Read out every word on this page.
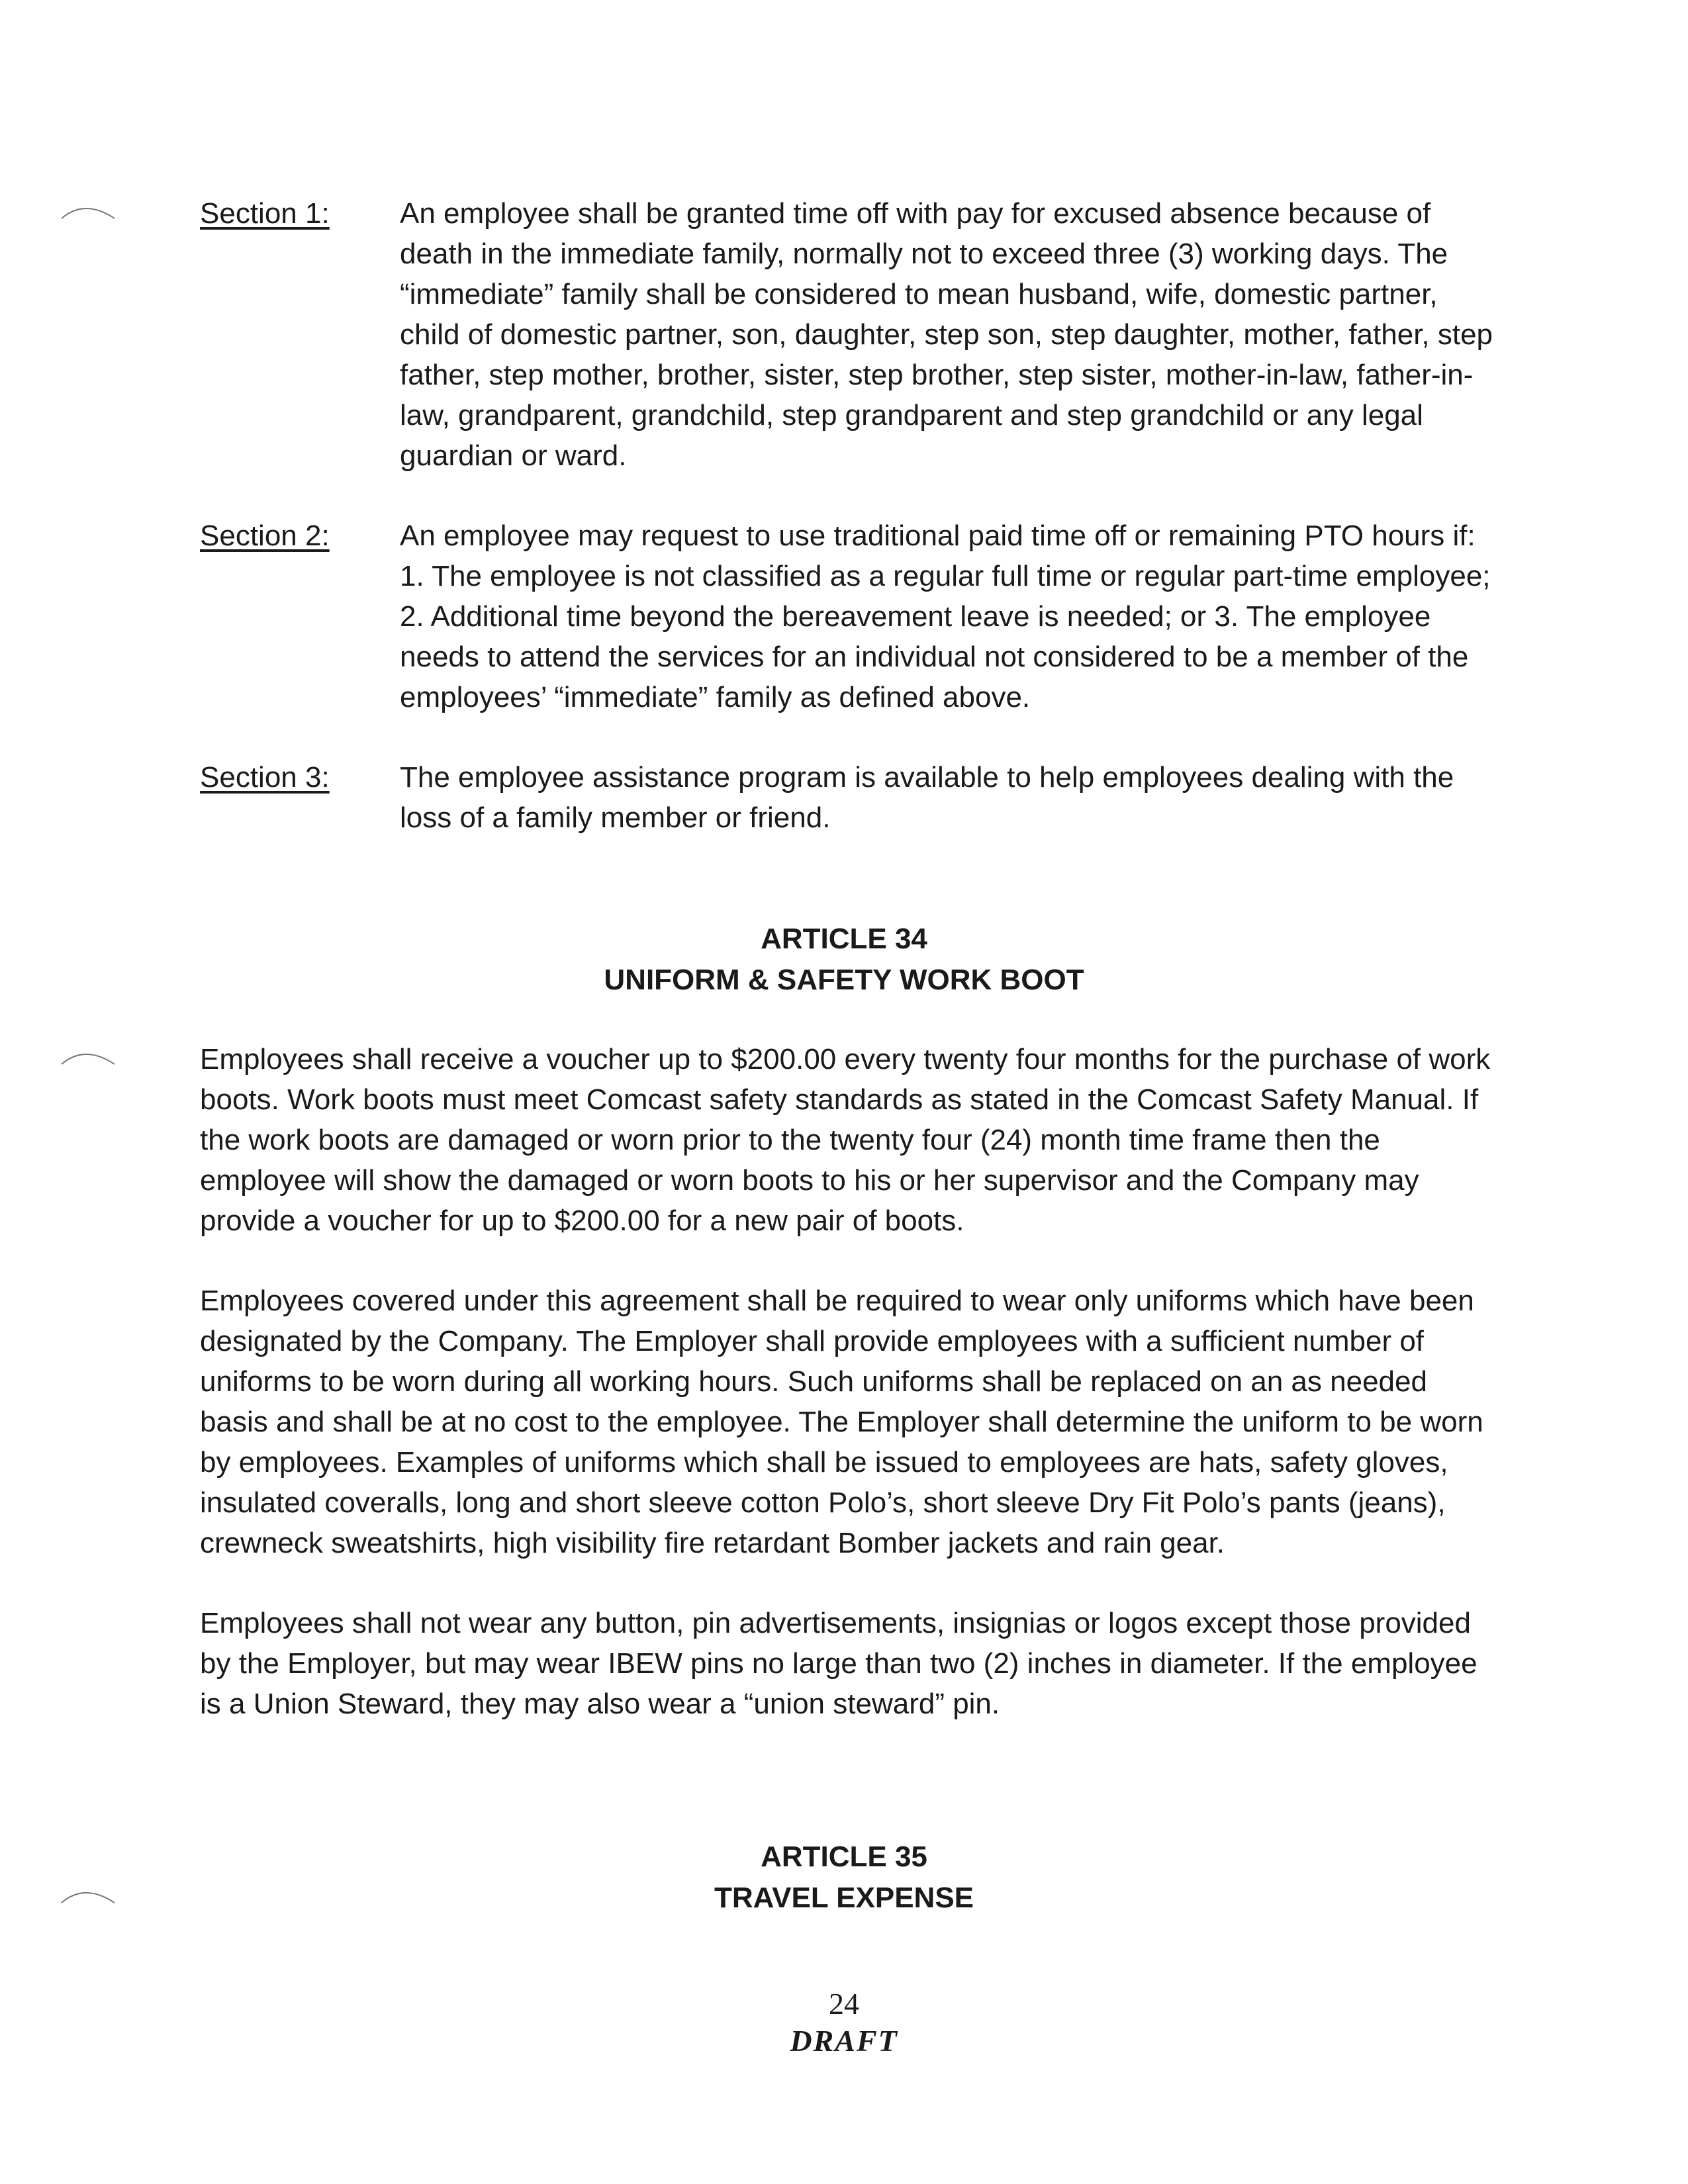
Section 1:	An employee shall be granted time off with pay for excused absence because of death in the immediate family, normally not to exceed three (3) working days. The “immediate” family shall be considered to mean husband, wife, domestic partner, child of domestic partner, son, daughter, step son, step daughter, mother, father, step father, step mother, brother, sister, step brother, step sister, mother-in-law, father-in-law, grandparent, grandchild, step grandparent and step grandchild or any legal guardian or ward.
Section 2:	An employee may request to use traditional paid time off or remaining PTO hours if: 1. The employee is not classified as a regular full time or regular part-time employee; 2. Additional time beyond the bereavement leave is needed; or 3. The employee needs to attend the services for an individual not considered to be a member of the employees’ “immediate” family as defined above.
Section 3:	The employee assistance program is available to help employees dealing with the loss of a family member or friend.
ARTICLE 34
UNIFORM & SAFETY WORK BOOT

Employees shall receive a voucher up to $200.00 every twenty four months for the purchase of work boots. Work boots must meet Comcast safety standards as stated in the Comcast Safety Manual. If the work boots are damaged or worn prior to the twenty four (24) month time frame then the employee will show the damaged or worn boots to his or her supervisor and the Company may provide a voucher for up to $200.00 for a new pair of boots.

Employees covered under this agreement shall be required to wear only uniforms which have been designated by the Company. The Employer shall provide employees with a sufficient number of uniforms to be worn during all working hours. Such uniforms shall be replaced on an as needed basis and shall be at no cost to the employee. The Employer shall determine the uniform to be worn by employees. Examples of uniforms which shall be issued to employees are hats, safety gloves, insulated coveralls, long and short sleeve cotton Polo’s, short sleeve Dry Fit Polo’s pants (jeans), crewneck sweatshirts, high visibility fire retardant Bomber jackets and rain gear.

Employees shall not wear any button, pin advertisements, insignias or logos except those provided by the Employer, but may wear IBEW pins no large than two (2) inches in diameter. If the employee is a Union Steward, they may also wear a “union steward” pin.

ARTICLE 35
TRAVEL EXPENSE
24
DRAFT
